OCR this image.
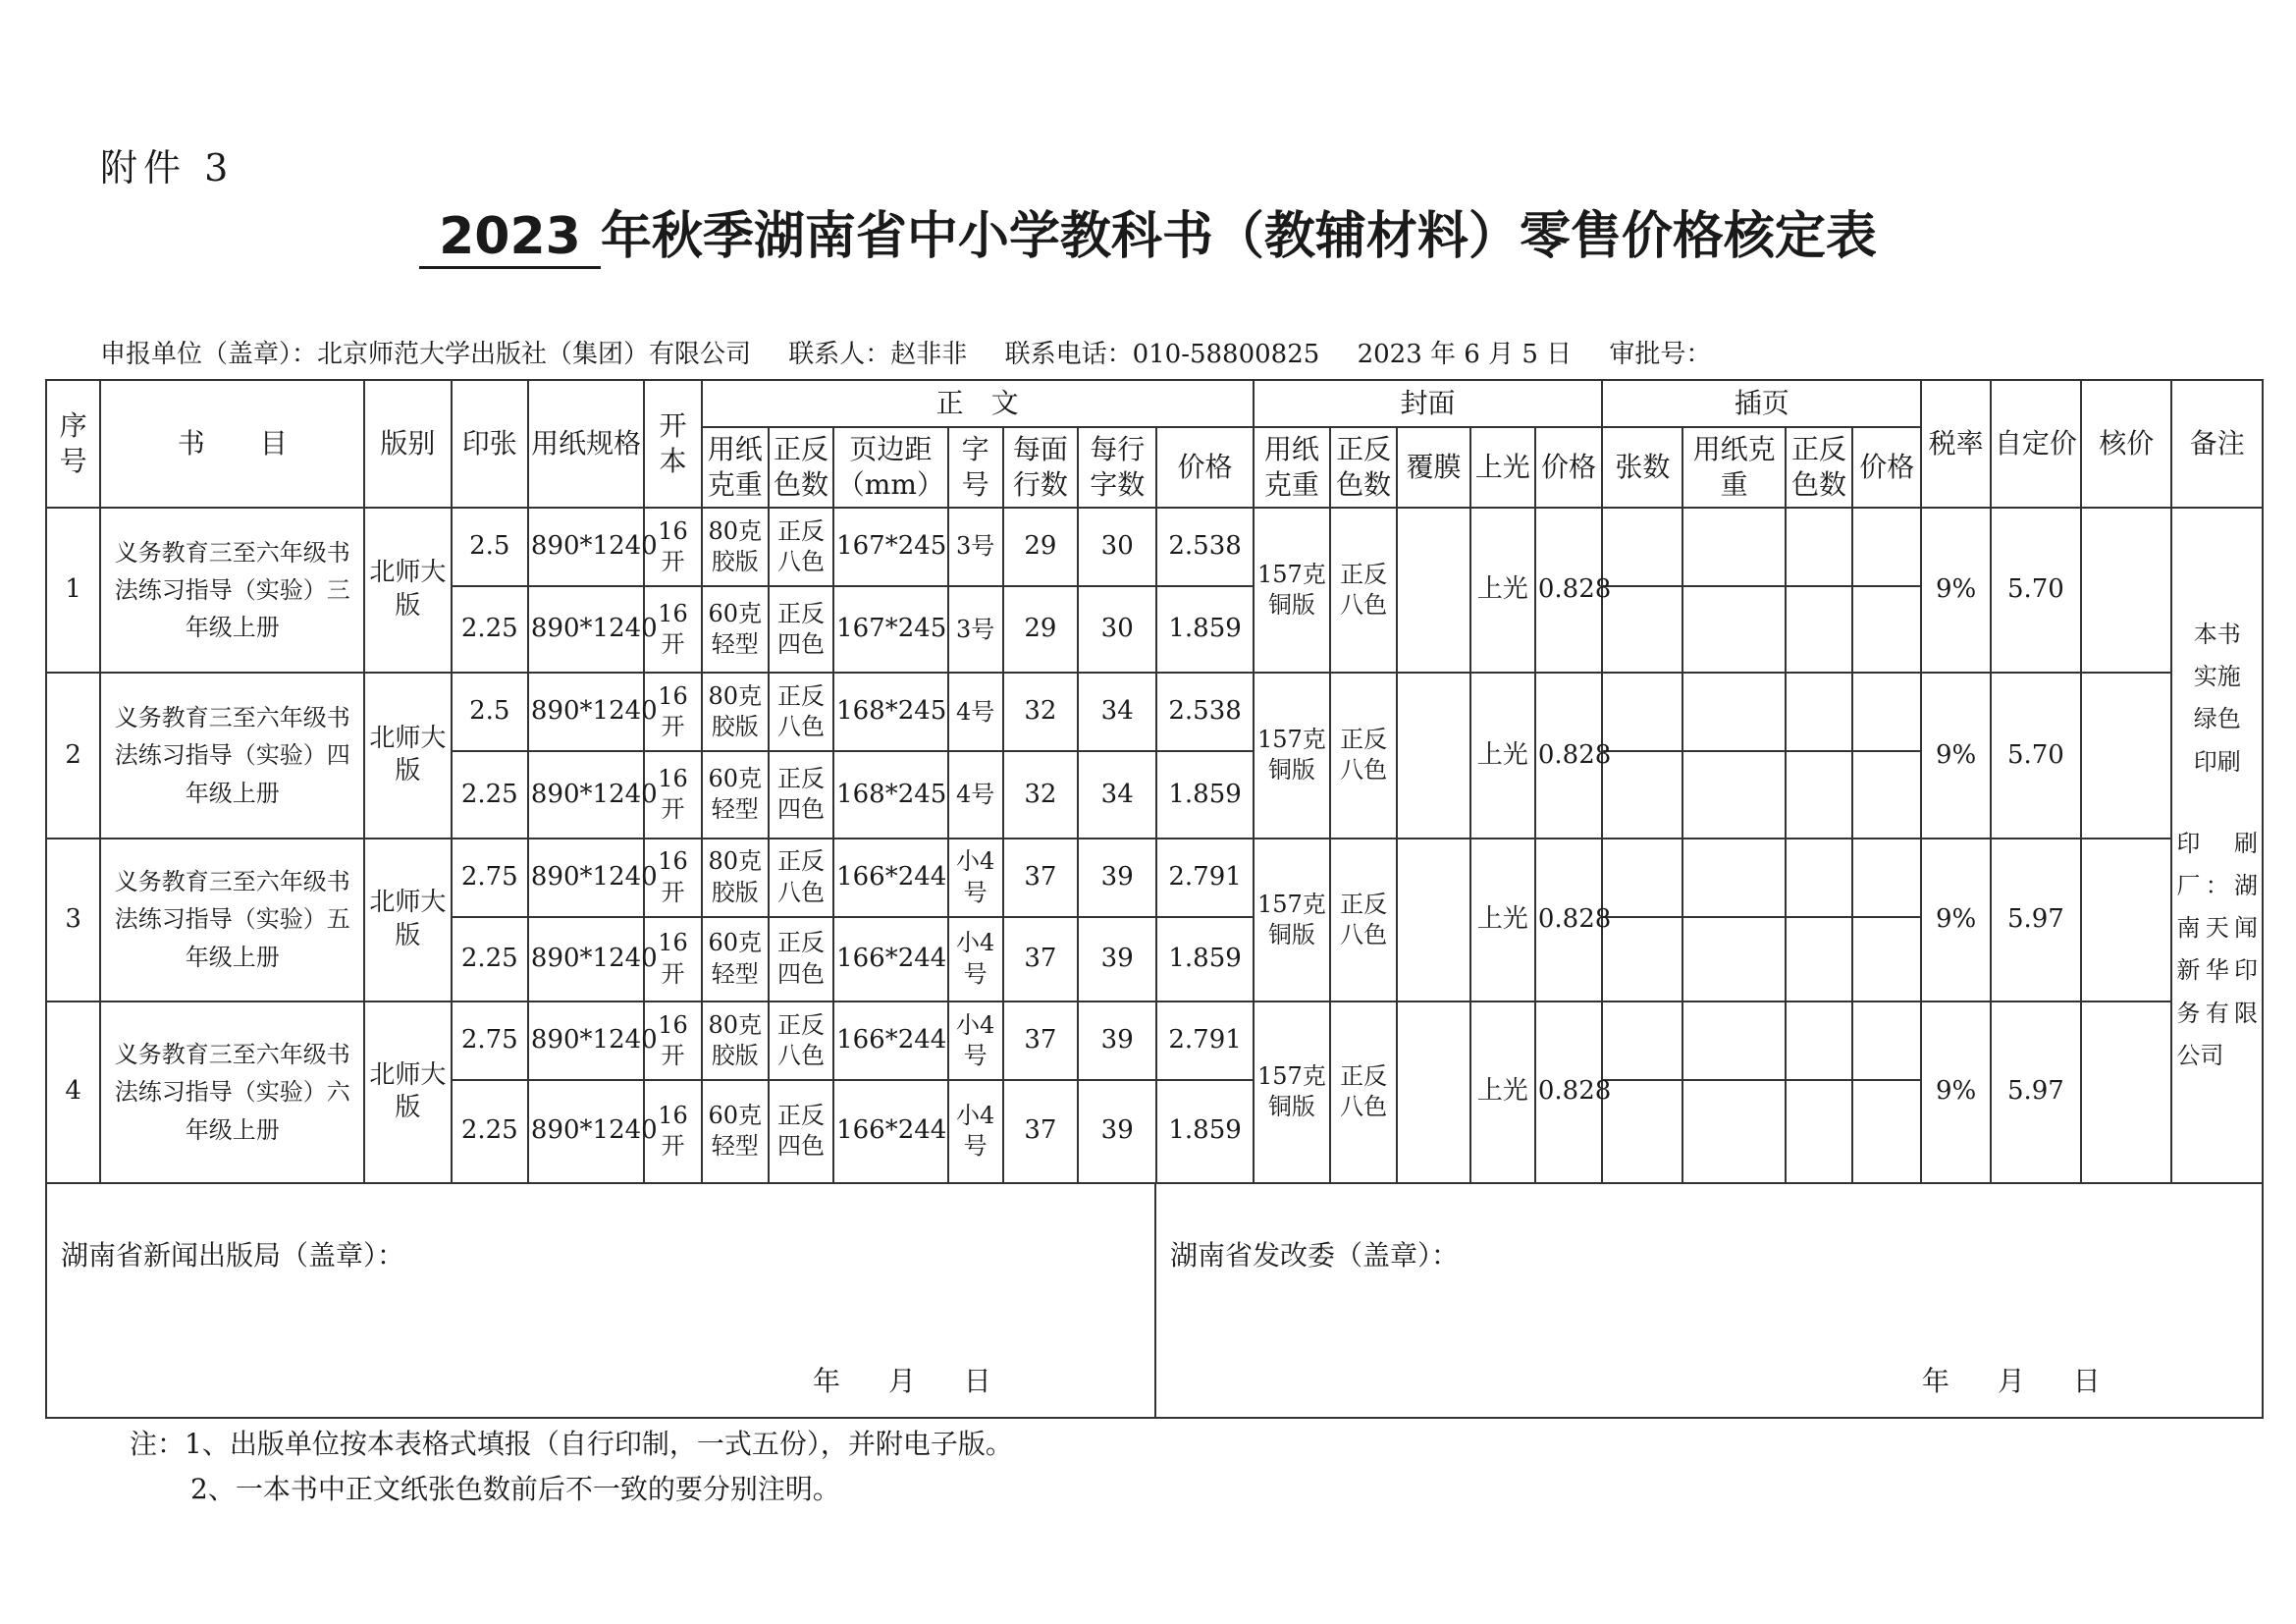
附件 3
2023 年秋季湖南省中小学教科书（教辅材料）零售价格核定表
申报单位（盖章）：北京师范大学出版社（集团）有限公司 联系人：赵非非 联系电话：010-58800825 2023 年 6 月 5 日 审批号：
序号	书　　目	版别	印张	用纸规格	开本	正　文							封面					插页				税率	自定价	核价	备注
						用纸克重	正反色数	页边距（mm）	字号	每面行数	每行字数	价格	用纸克重	正反色数	覆膜	上光	价格	张数	用纸克重	正反色数	价格				
1	义务教育三至六年级书法练习指导（实验）三年级上册	北师大版	2.5	890*1240	16开	80克胶版	正反八色	167*245	3号	29	30	2.538	157克铜版	正反八色		上光	0.828					9%	5.70		本书实施绿色印刷
印刷厂：湖南天闻新华印务有限公司

			2.25	890*1240	16开	60克轻型	正反四色	167*245	3号	29	30	1.859													
2	义务教育三至六年级书法练习指导（实验）四年级上册	北师大版	2.5	890*1240	16开	80克胶版	正反八色	168*245	4号	32	34	2.538	157克铜版	正反八色		上光	0.828					9%	5.70		
			2.25	890*1240	16开	60克轻型	正反四色	168*245	4号	32	34	1.859													
3	义务教育三至六年级书法练习指导（实验）五年级上册	北师大版	2.75	890*1240	16开	80克胶版	正反八色	166*244	小4号	37	39	2.791	157克铜版	正反八色		上光	0.828					9%	5.97		
			2.25	890*1240	16开	60克轻型	正反四色	166*244	小4号	37	39	1.859													
4	义务教育三至六年级书法练习指导（实验）六年级上册	北师大版	2.75	890*1240	16开	80克胶版	正反八色	166*244	小4号	37	39	2.791	157克铜版	正反八色		上光	0.828					9%	5.97		
			2.25	890*1240	16开	60克轻型	正反四色	166*244	小4号	37	39	1.859													
湖南省新闻出版局（盖章）：
年 月 日
湖南省发改委（盖章）：
年 月 日
注：1、出版单位按本表格式填报（自行印制，一式五份），并附电子版。
2、一本书中正文纸张色数前后不一致的要分别注明。
